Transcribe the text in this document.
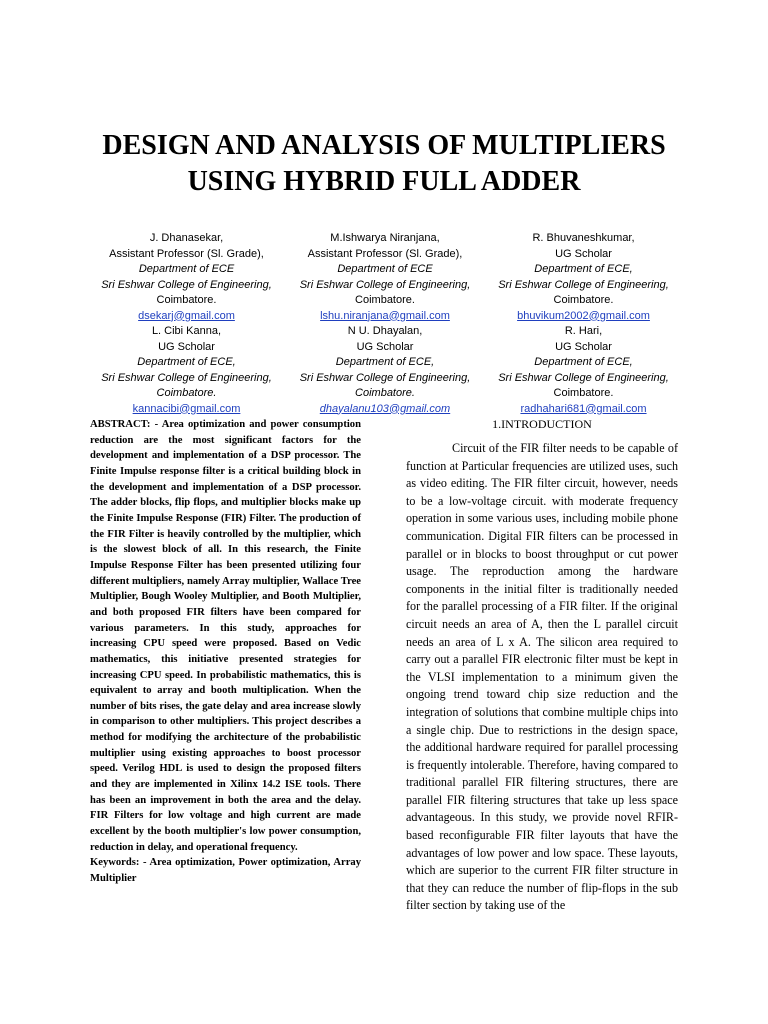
DESIGN AND ANALYSIS OF MULTIPLIERS USING HYBRID FULL ADDER
J. Dhanasekar,
Assistant Professor (Sl. Grade),
Department of ECE
Sri Eshwar College of Engineering,
Coimbatore.
dsekarj@gmail.com
M.Ishwarya Niranjana,
Assistant Professor (Sl. Grade),
Department of ECE
Sri Eshwar College of Engineering,
Coimbatore.
lshu.niranjana@gmail.com
R. Bhuvaneshkumar,
UG Scholar
Department of ECE,
Sri Eshwar College of Engineering,
Coimbatore.
bhuvikum2002@gmail.com
L. Cibi Kanna,
UG Scholar
Department of ECE,
Sri Eshwar College of Engineering,
Coimbatore.
kannacibi@gmail.com
N U. Dhayalan,
UG Scholar
Department of ECE,
Sri Eshwar College of Engineering,
Coimbatore.
dhayalanu103@gmail.com
R. Hari,
UG Scholar
Department of ECE,
Sri Eshwar College of Engineering,
Coimbatore.
radhahari681@gmail.com

ABSTRACT: - Area optimization and power consumption reduction are the most significant factors for the development and implementation of a DSP processor. The Finite Impulse response filter is a critical building block in the development and implementation of a DSP processor. The adder blocks, flip flops, and multiplier blocks make up the Finite Impulse Response (FIR) Filter. The production of the FIR Filter is heavily controlled by the multiplier, which is the slowest block of all. In this research, the Finite Impulse Response Filter has been presented utilizing four different multipliers, namely Array multiplier, Wallace Tree Multiplier, Bough Wooley Multiplier, and Booth Multiplier, and both proposed FIR filters have been compared for various parameters. In this study, approaches for increasing CPU speed were proposed. Based on Vedic mathematics, this initiative presented strategies for increasing CPU speed. In probabilistic mathematics, this is equivalent to array and booth multiplication. When the number of bits rises, the gate delay and area increase slowly in comparison to other multipliers. This project describes a method for modifying the architecture of the probabilistic multiplier using existing approaches to boost processor speed. Verilog HDL is used to design the proposed filters and they are implemented in Xilinx 14.2 ISE tools. There has been an improvement in both the area and the delay. FIR Filters for low voltage and high current are made excellent by the booth multiplier's low power consumption, reduction in delay, and operational frequency.

Keywords: - Area optimization, Power optimization, Array Multiplier

1.INTRODUCTION

Circuit of the FIR filter needs to be capable of function at Particular frequencies are utilized uses, such as video editing. The FIR filter circuit, however, needs to be a low-voltage circuit. with moderate frequency operation in some various uses, including mobile phone communication. Digital FIR filters can be processed in parallel or in blocks to boost throughput or cut power usage. The reproduction among the hardware components in the initial filter is traditionally needed for the parallel processing of a FIR filter. If the original circuit needs an area of A, then the L parallel circuit needs an area of L x A. The silicon area required to carry out a parallel FIR electronic filter must be kept in the VLSI implementation to a minimum given the ongoing trend toward chip size reduction and the integration of solutions that combine multiple chips into a single chip. Due to restrictions in the design space, the additional hardware required for parallel processing is frequently intolerable. Therefore, having compared to traditional parallel FIR filtering structures, there are parallel FIR filtering structures that take up less space advantageous. In this study, we provide novel RFIR-based reconfigurable FIR filter layouts that have the advantages of low power and low space. These layouts, which are superior to the current FIR filter structure in that they can reduce the number of flip-flops in the sub filter section by taking use of the
